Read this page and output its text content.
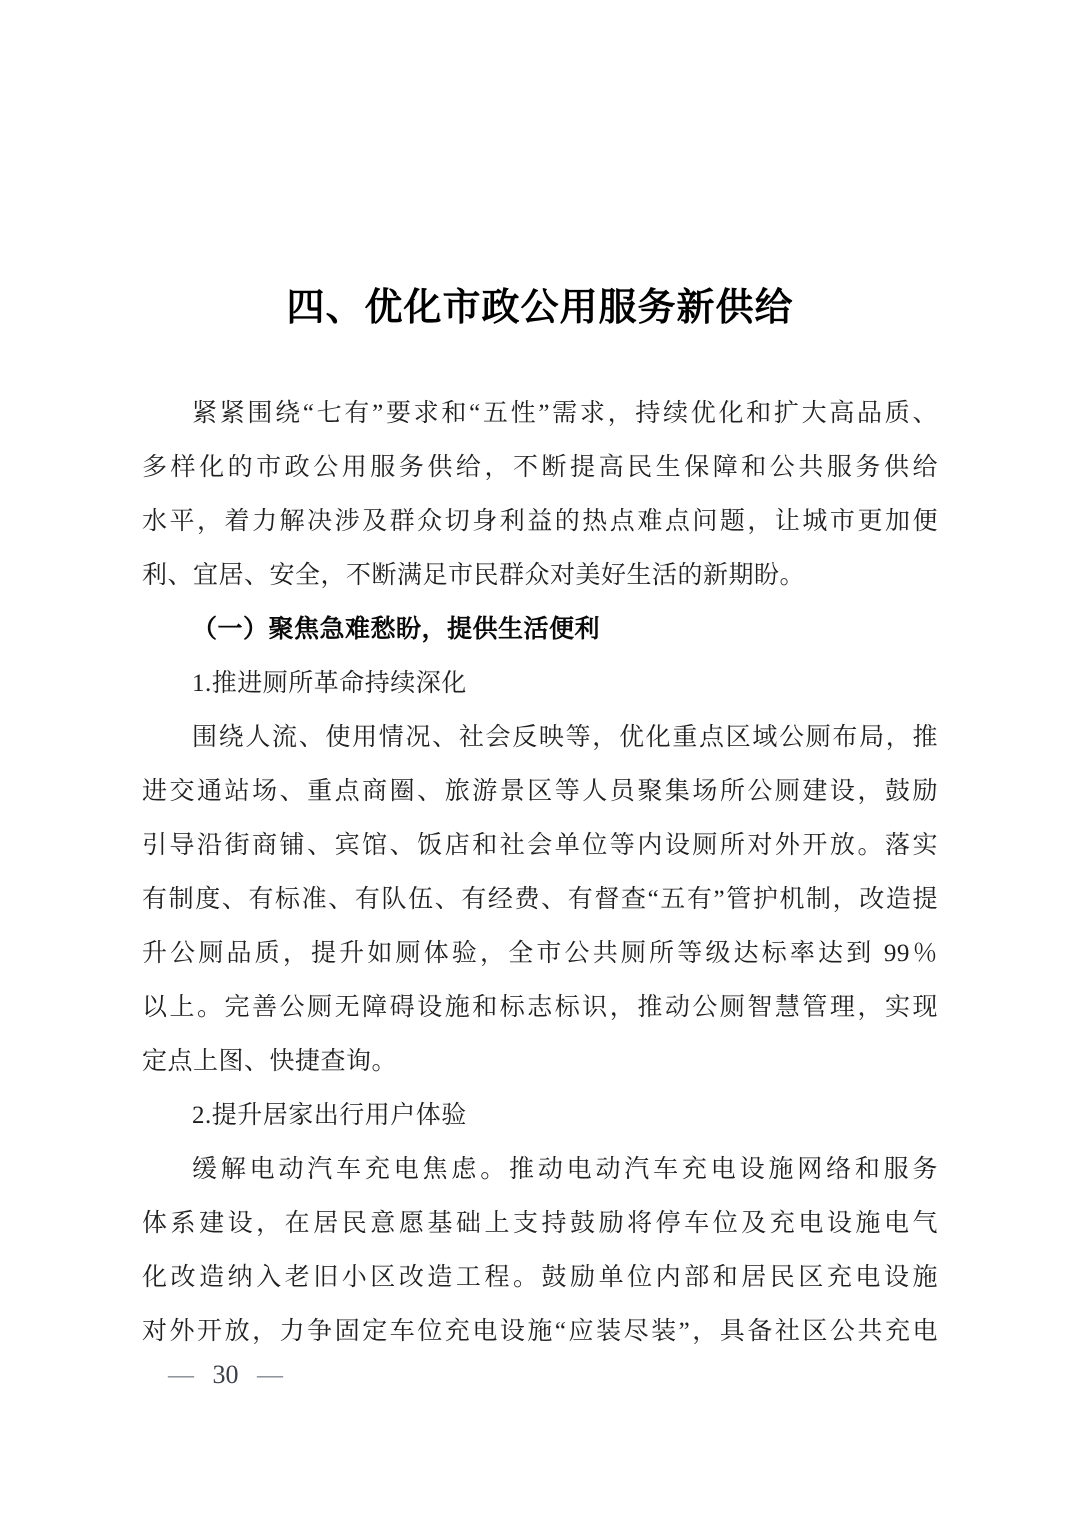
四、优化市政公用服务新供给
紧紧围绕“七有”要求和“五性”需求，持续优化和扩大高品质、
多样化的市政公用服务供给，不断提高民生保障和公共服务供给
水平，着力解决涉及群众切身利益的热点难点问题，让城市更加便
利、宜居、安全，不断满足市民群众对美好生活的新期盼。
（一）聚焦急难愁盼，提供生活便利
1.推进厕所革命持续深化
围绕人流、使用情况、社会反映等，优化重点区域公厕布局，推
进交通站场、重点商圈、旅游景区等人员聚集场所公厕建设，鼓励
引导沿街商铺、宾馆、饭店和社会单位等内设厕所对外开放。落实
有制度、有标准、有队伍、有经费、有督查“五有”管护机制，改造提
升公厕品质，提升如厕体验，全市公共厕所等级达标率达到 99％
以上。完善公厕无障碍设施和标志标识，推动公厕智慧管理，实现
定点上图、快捷查询。
2.提升居家出行用户体验
缓解电动汽车充电焦虑。推动电动汽车充电设施网络和服务
体系建设，在居民意愿基础上支持鼓励将停车位及充电设施电气
化改造纳入老旧小区改造工程。鼓励单位内部和居民区充电设施
对外开放，力争固定车位充电设施“应装尽装”，具备社区公共充电
— 30 —
